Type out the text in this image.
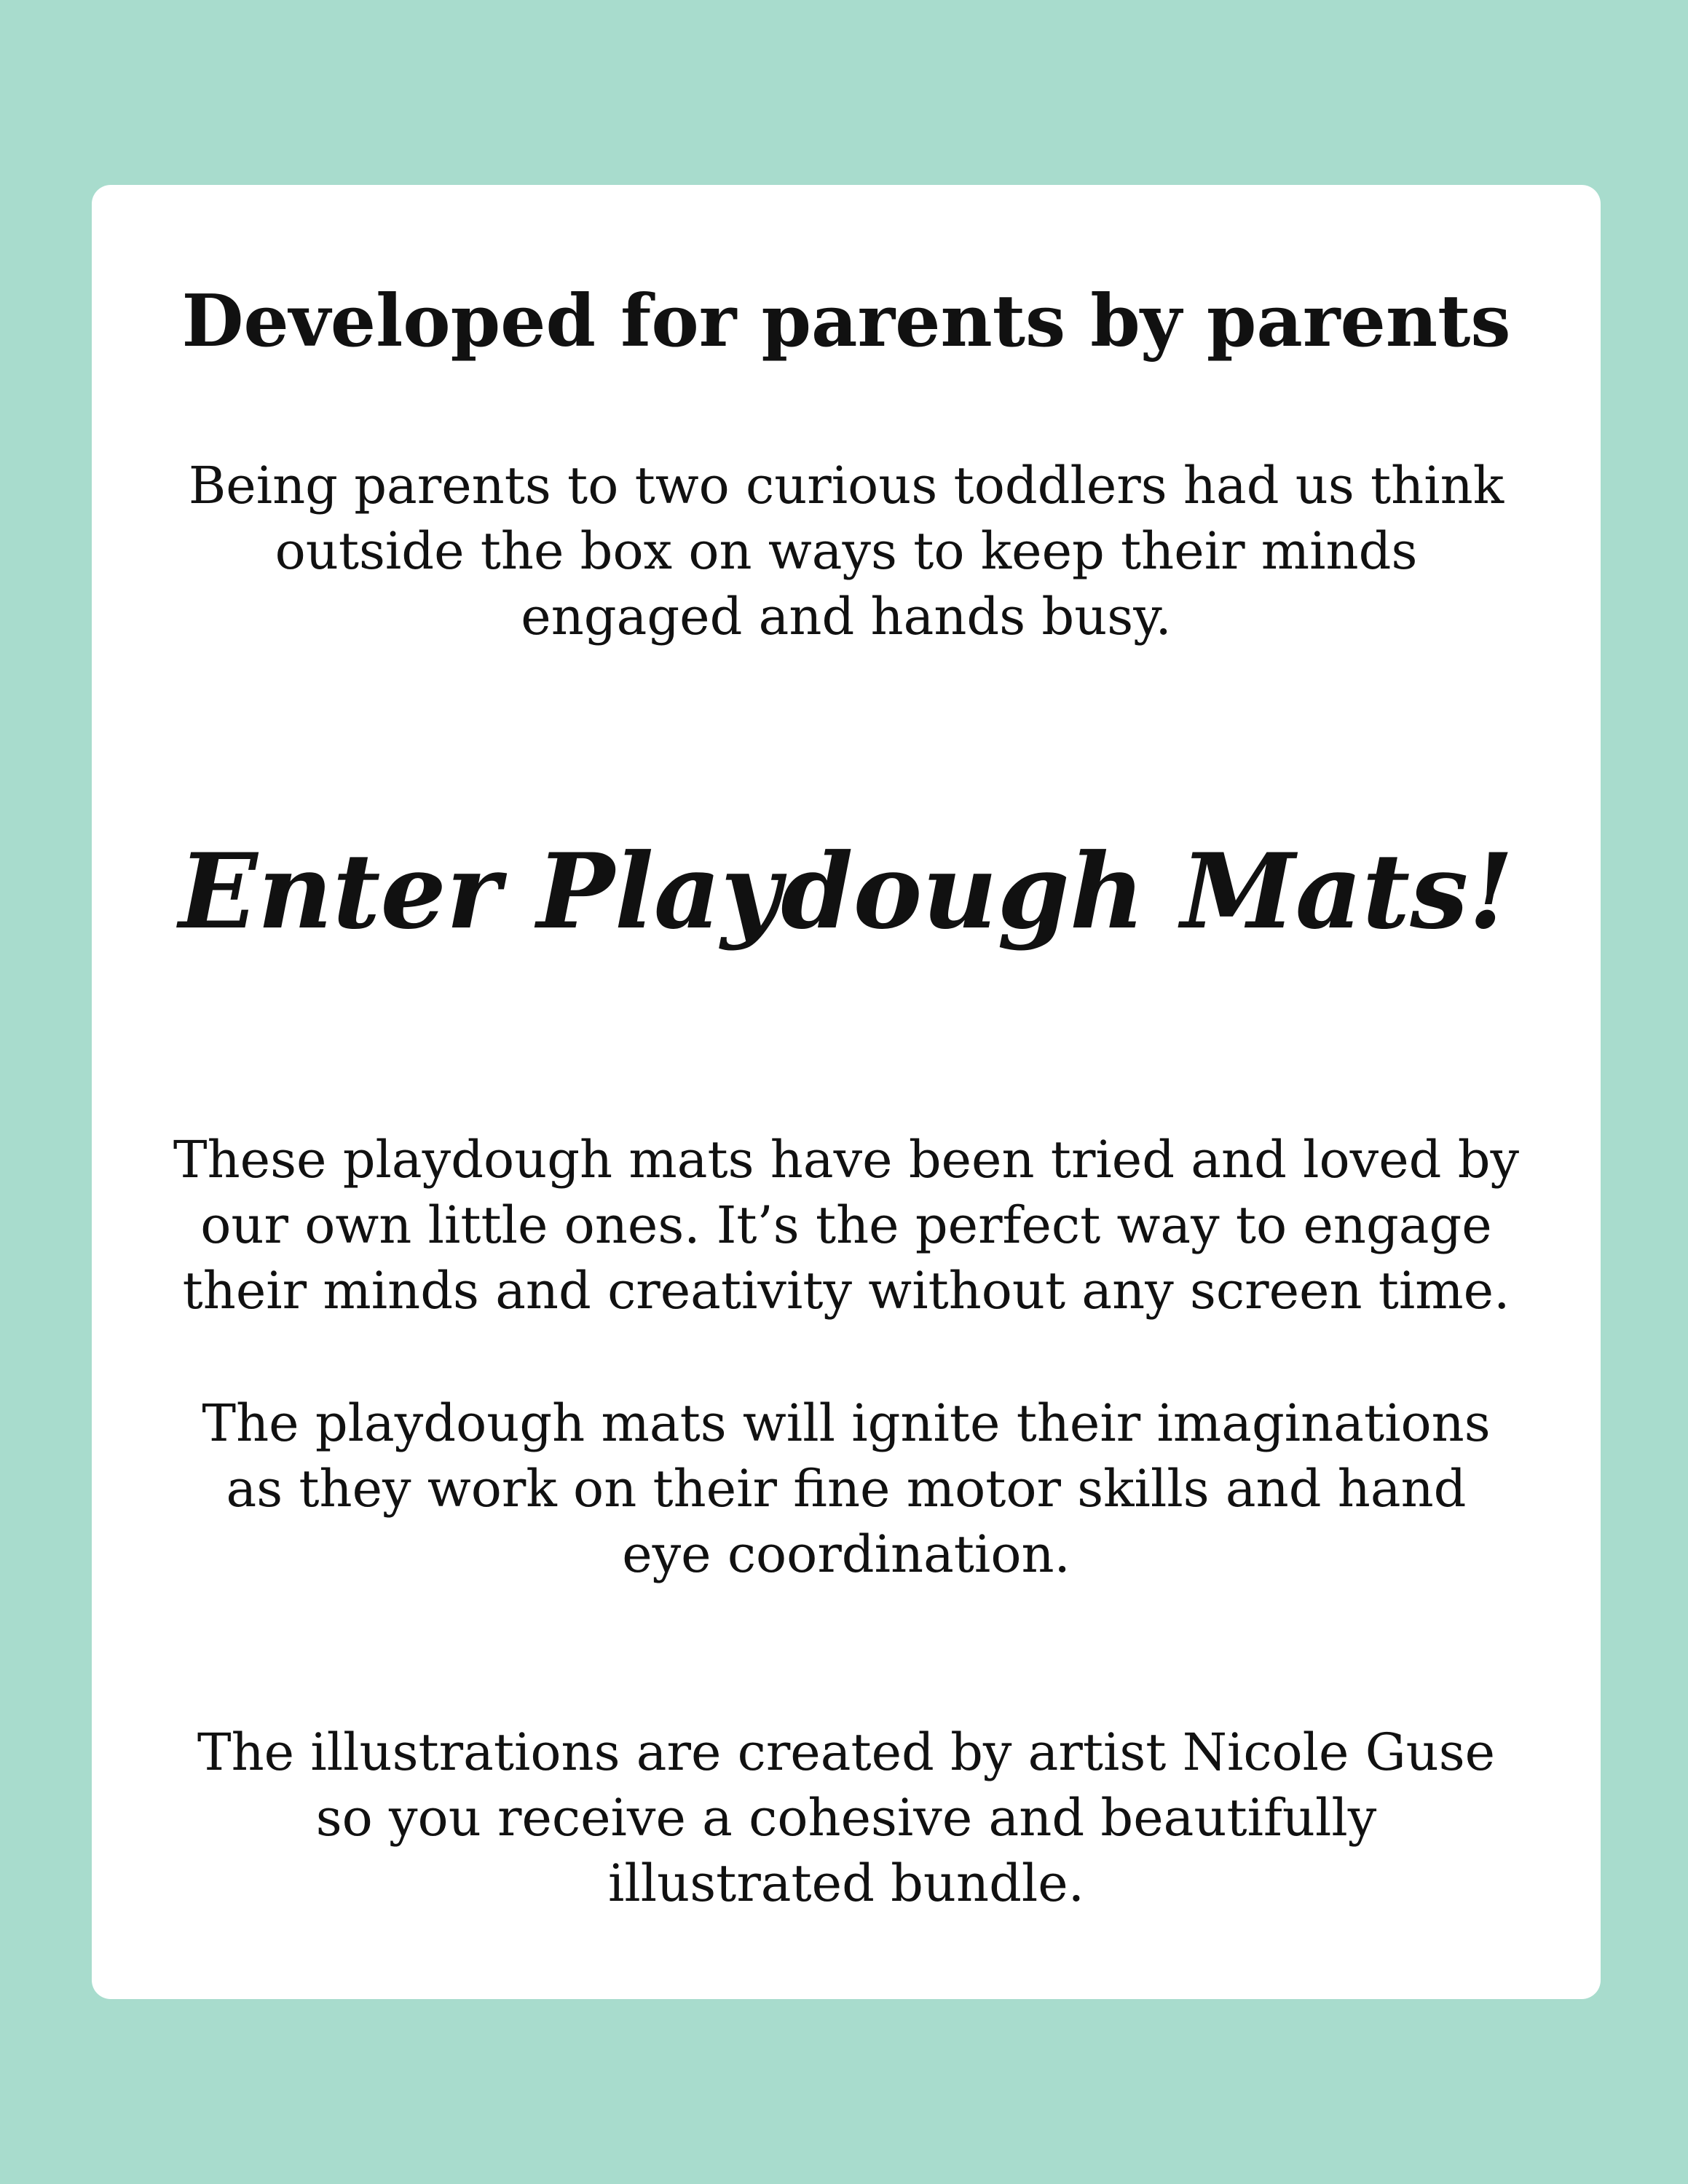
Developed for parents by parents
Being parents to two curious toddlers had us think
outside the box on ways to keep their minds
engaged and hands busy.
Enter Playdough Mats!
These playdough mats have been tried and loved by
our own little ones. It’s the perfect way to engage
their minds and creativity without any screen time.
The playdough mats will ignite their imaginations
as they work on their fine motor skills and hand
eye coordination.
The illustrations are created by artist Nicole Guse
so you receive a cohesive and beautifully
illustrated bundle.
